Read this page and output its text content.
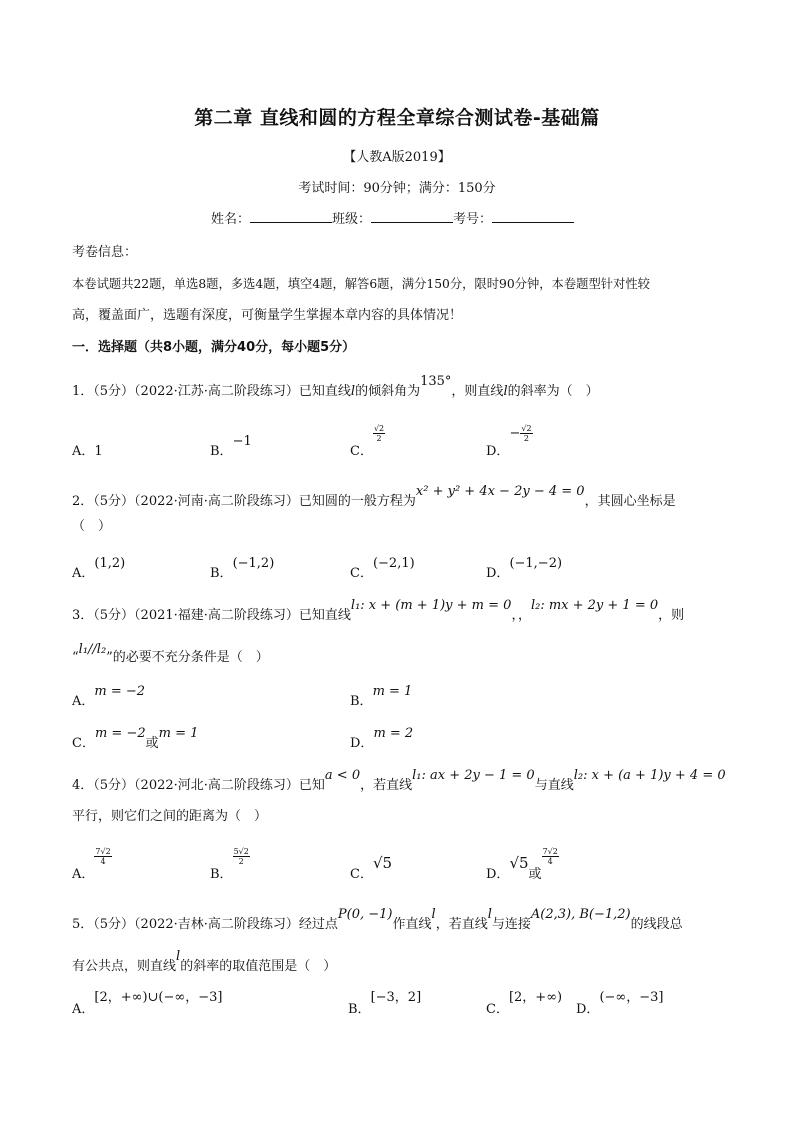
第二章 直线和圆的方程全章综合测试卷-基础篇
【人教A版2019】
考试时间：90分钟；满分：150分
姓名：	班级：	考号：
考卷信息：
本卷试题共22题，单选8题，多选4题，填空4题，解答6题，满分150分，限时90分钟，本卷题型针对性较
高，覆盖面广，选题有深度，可衡量学生掌握本章内容的具体情况！
一．选择题（共8小题，满分40分，每小题5分）
1．（5分）（2022·江苏·高二阶段练习）已知直线l的倾斜角为135°，则直线l的斜率为（　）
A．1	B．−1
C．
$\frac{√2}{2}$
D．− $\frac{√2}{2}$
2．（5分）（2022·河南·高二阶段练习）已知圆的一般方程为x² + y² + 4x − 2y − 4 = 0，其圆心坐标是
（　）
A．(1,2)
B．(−1,2)
C．(−2,1)
D．(−1,−2)
3．（5分）（2021·福建·高二阶段练习）已知直线l₁: x + (m + 1)y + m = 0，，l₂: mx + 2y + 1 = 0，则
“l₁//l₂”的必要不充分条件是（　）
A．m = −2
B．m = 1
C．m = −2或m = 1
D．m = 2
4．（5分）（2022·河北·高二阶段练习）已知a < 0，若直线l₁: ax + 2y − 1 = 0与直线l₂: x + (a + 1)y + 4 = 0
平行，则它们之间的距离为（　）
A．
$\frac{7√2}{4}$
B．
$\frac{5√2}{2}$
C．√5
D．√5或
$\frac{7√2}{4}$
5．（5分）（2022·吉林·高二阶段练习）经过点P(0, −1)作直线l，若直线l与连接A(2,3), B(−1,2)的线段总
有公共点，则直线l的斜率的取值范围是（　）
A．[2，+∞)∪(−∞，−3]
B．[−3，2]
C．[2，+∞)
D．(−∞，−3]
